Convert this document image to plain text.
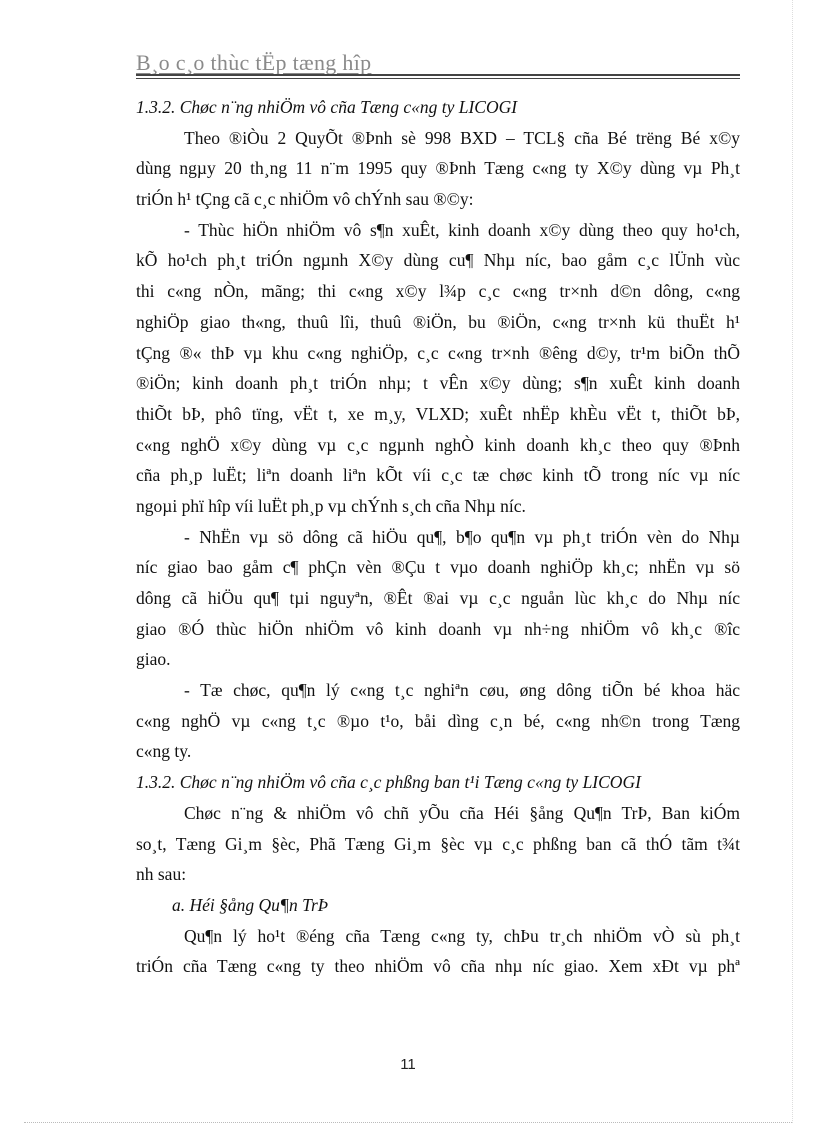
B¸o c¸o thùc tËp tæng hîp
1.3.2. Chøc n¨ng nhiÖm vô cña Tæng c«ng ty LICOGI
Theo ®iÒu 2 QuyÕt ®Þnh sè 998 BXD – TCL§ cña Bé trëng Bé x©y
dùng ngµy 20 th¸ng 11 n¨m 1995 quy ®Þnh Tæng c«ng ty X©y dùng vµ Ph¸t
triÓn h¹ tÇng cã c¸c nhiÖm vô chÝnh sau ®©y:
- Thùc hiÖn nhiÖm vô s¶n xuÊt, kinh doanh x©y dùng theo quy ho¹ch,
kÕ ho¹ch ph¸t triÓn ngµnh X©y dùng cu¶ Nhµ níc, bao gåm c¸c lÜnh vùc
thi c«ng nÒn, mãng; thi c«ng x©y l¾p c¸c c«ng tr×nh d©n dông, c«ng
nghiÖp giao th«ng, thuû lîi, thuû ®iÖn, bu ®iÖn, c«ng tr×nh kü thuËt h¹
tÇng ®« thÞ vµ khu c«ng nghiÖp, c¸c c«ng tr×nh ®êng d©y, tr¹m biÕn thÕ
®iÖn; kinh doanh ph¸t triÓn nhµ; t vÊn x©y dùng; s¶n xuÊt kinh doanh
thiÕt bÞ, phô tïng, vËt t, xe m¸y, VLXD; xuÊt nhËp khÈu vËt t, thiÕt bÞ,
c«ng nghÖ x©y dùng vµ c¸c ngµnh nghÒ kinh doanh kh¸c theo quy ®Þnh
cña ph¸p luËt; liªn doanh liªn kÕt víi c¸c tæ chøc kinh tÕ trong níc vµ níc
ngoµi phï hîp víi luËt ph¸p vµ chÝnh s¸ch cña Nhµ níc.
- NhËn vµ sö dông cã hiÖu qu¶, b¶o qu¶n vµ ph¸t triÓn vèn do Nhµ
níc giao bao gåm c¶ phÇn vèn ®Çu t vµo doanh nghiÖp kh¸c; nhËn vµ sö
dông cã hiÖu qu¶ tµi nguyªn, ®Êt ®ai vµ c¸c nguån lùc kh¸c do Nhµ níc
giao ®Ó thùc hiÖn nhiÖm vô kinh doanh vµ nh÷ng nhiÖm vô kh¸c ®îc
giao.
- Tæ chøc, qu¶n lý c«ng t¸c nghiªn cøu, øng dông tiÕn bé khoa häc
c«ng nghÖ vµ c«ng t¸c ®µo t¹o, båi dìng c¸n bé, c«ng nh©n trong Tæng
c«ng ty.
1.3.2. Chøc n¨ng nhiÖm vô cña c¸c phßng ban t¹i Tæng c«ng ty LICOGI
Chøc n¨ng & nhiÖm vô chñ yÕu cña Héi §ång Qu¶n TrÞ, Ban kiÓm
so¸t, Tæng Gi¸m §èc, Phã Tæng Gi¸m §èc vµ c¸c phßng ban cã thÓ tãm t¾t
nh sau:
a. Héi §ång Qu¶n TrÞ
Qu¶n lý ho¹t ®éng cña Tæng c«ng ty, chÞu tr¸ch nhiÖm vÒ sù ph¸t
triÓn cña Tæng c«ng ty theo nhiÖm vô cña nhµ níc giao. Xem xÐt vµ phª
11
